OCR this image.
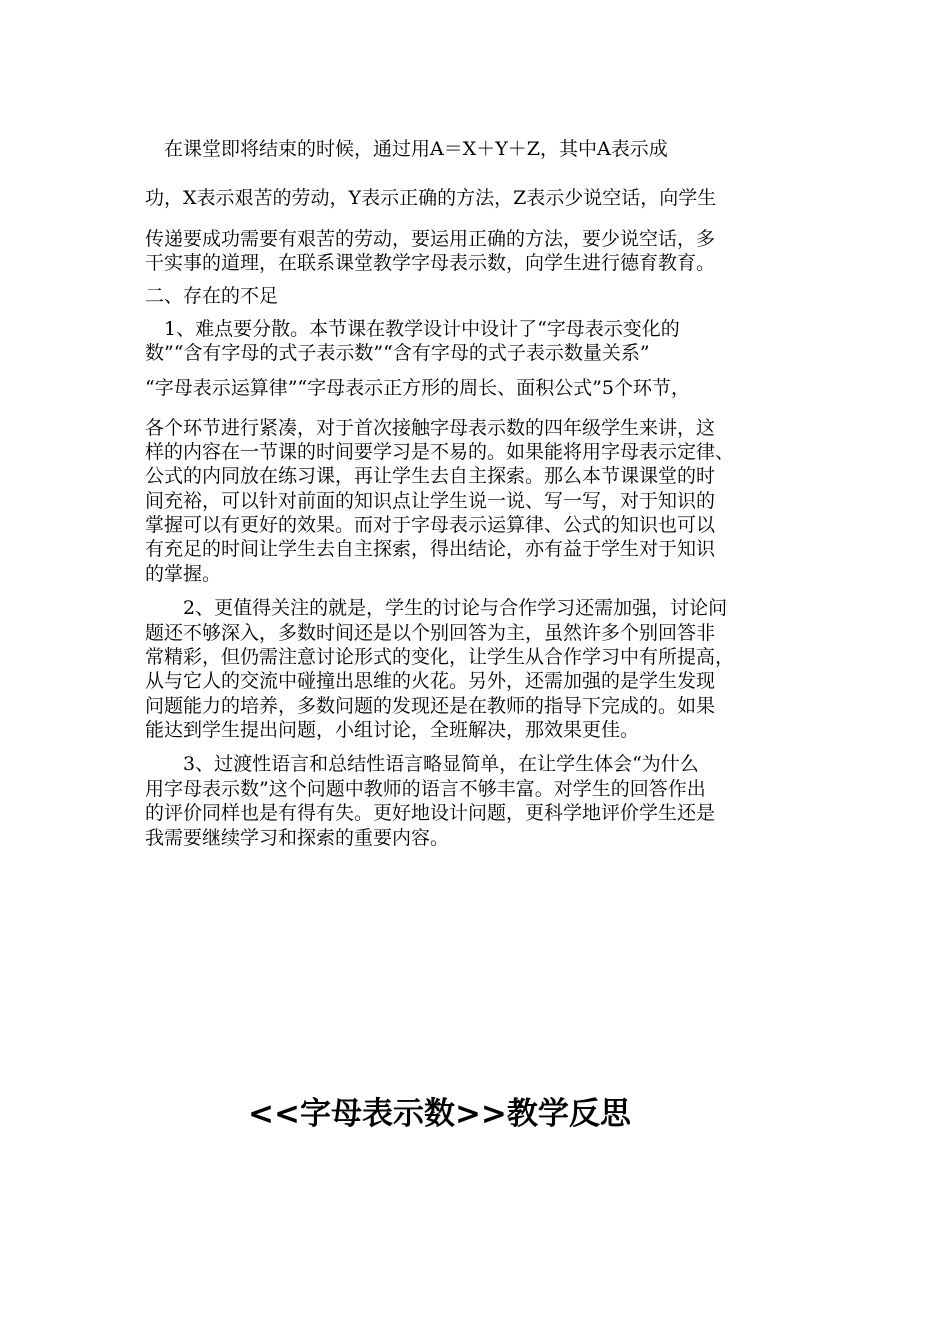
　在课堂即将结束的时候，通过用A＝X＋Y＋Z，其中A表示成
功，X表示艰苦的劳动，Y表示正确的方法，Z表示少说空话，向学生
传递要成功需要有艰苦的劳动，要运用正确的方法，要少说空话，多
干实事的道理，在联系课堂教学字母表示数，向学生进行德育教育。
二、存在的不足
　1、难点要分散。本节课在教学设计中设计了“字母表示变化的
数”“含有字母的式子表示数”“含有字母的式子表示数量关系”
“字母表示运算律”“字母表示正方形的周长、面积公式”5个环节，
各个环节进行紧凑，对于首次接触字母表示数的四年级学生来讲，这
样的内容在一节课的时间要学习是不易的。如果能将用字母表示定律、
公式的内同放在练习课，再让学生去自主探索。那么本节课课堂的时
间充裕，可以针对前面的知识点让学生说一说、写一写，对于知识的
掌握可以有更好的效果。而对于字母表示运算律、公式的知识也可以
有充足的时间让学生去自主探索，得出结论，亦有益于学生对于知识
的掌握。
　　2、更值得关注的就是，学生的讨论与合作学习还需加强，讨论问
题还不够深入，多数时间还是以个别回答为主，虽然许多个别回答非
常精彩，但仍需注意讨论形式的变化，让学生从合作学习中有所提高，
从与它人的交流中碰撞出思维的火花。另外，还需加强的是学生发现
问题能力的培养，多数问题的发现还是在教师的指导下完成的。如果
能达到学生提出问题，小组讨论，全班解决，那效果更佳。
　　3、过渡性语言和总结性语言略显简单，在让学生体会“为什么
用字母表示数”这个问题中教师的语言不够丰富。对学生的回答作出
的评价同样也是有得有失。更好地设计问题，更科学地评价学生还是
我需要继续学习和探索的重要内容。
<<字母表示数>>教学反思
